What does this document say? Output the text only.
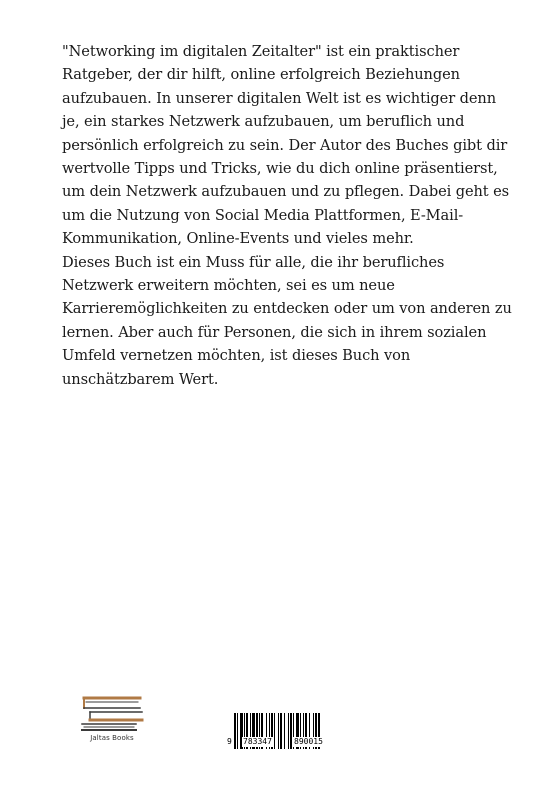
"Networking im digitalen Zeitalter" ist ein praktischer Ratgeber, der dir hilft, online erfolgreich Beziehungen aufzubauen. In unserer digitalen Welt ist es wichtiger denn je, ein starkes Netzwerk aufzubauen, um beruflich und persönlich erfolgreich zu sein. Der Autor des Buches gibt dir wertvolle Tipps und Tricks, wie du dich online präsentierst, um dein Netzwerk aufzubauen und zu pflegen. Dabei geht es um die Nutzung von Social Media Plattformen, E-Mail-Kommunikation, Online-Events und vieles mehr.

Dieses Buch ist ein Muss für alle, die ihr berufliches Netzwerk erweitern möchten, sei es um neue Karrieremöglichkeiten zu entdecken oder um von anderen zu lernen. Aber auch für Personen, die sich in ihrem sozialen Umfeld vernetzen möchten, ist dieses Buch von unschätzbarem Wert.

Jaltas Books	9 783347	890015
